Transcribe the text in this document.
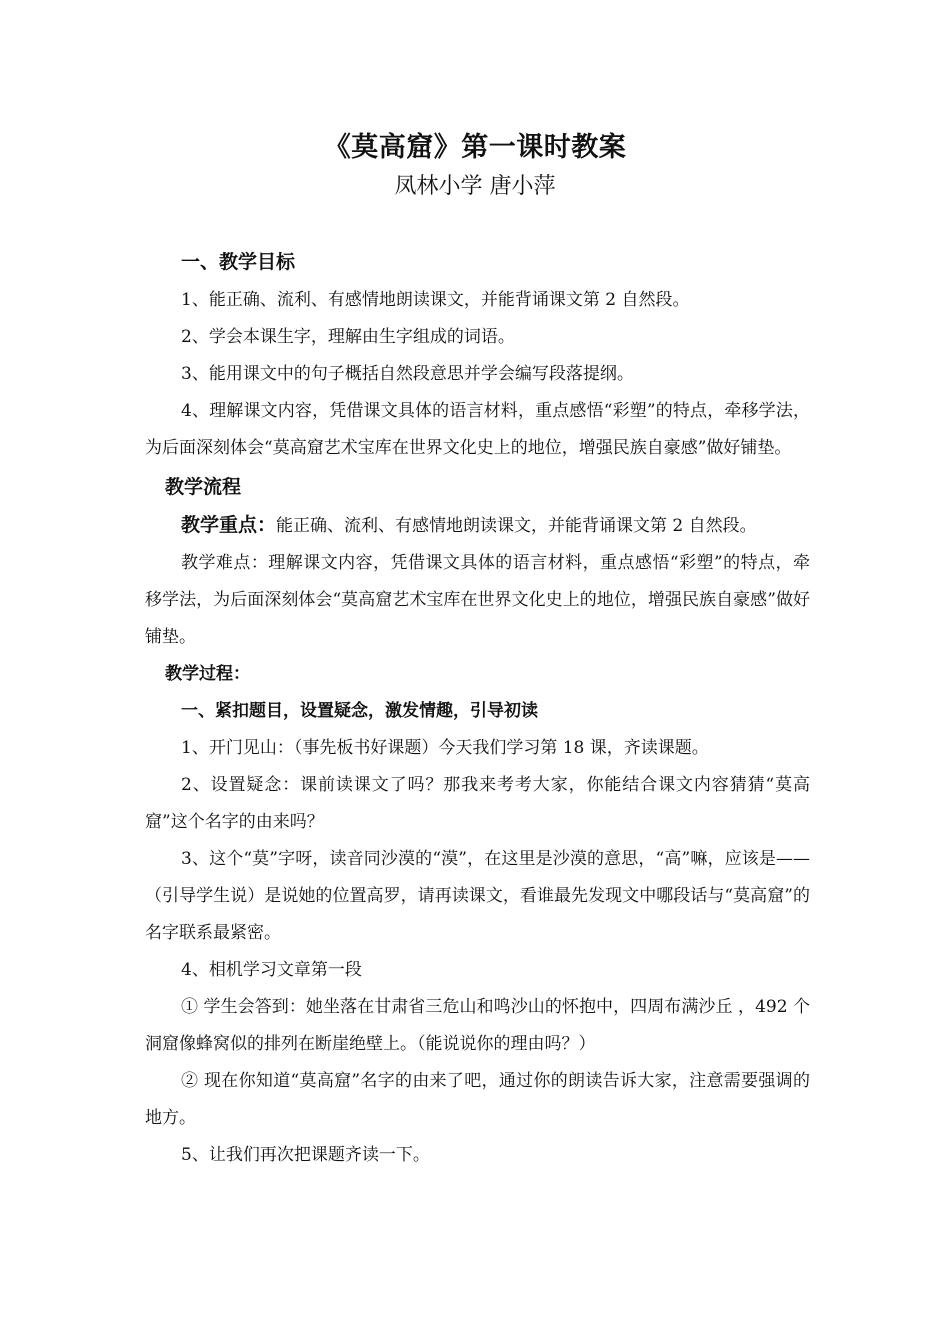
《莫高窟》第一课时教案
凤林小学 唐小萍

一、教学目标

1、能正确、流利、有感情地朗读课文，并能背诵课文第 2 自然段。

2、学会本课生字，理解由生字组成的词语。

3、能用课文中的句子概括自然段意思并学会编写段落提纲。

4、理解课文内容，凭借课文具体的语言材料，重点感悟“彩塑”的特点，牵移学法，为后面深刻体会“莫高窟艺术宝库在世界文化史上的地位，增强民族自豪感”做好铺垫。

教学流程

教学重点：能正确、流利、有感情地朗读课文，并能背诵课文第 2 自然段。

教学难点：理解课文内容，凭借课文具体的语言材料，重点感悟“彩塑”的特点，牵移学法，为后面深刻体会“莫高窟艺术宝库在世界文化史上的地位，增强民族自豪感”做好铺垫。

教学过程：

一、紧扣题目，设置疑念，激发情趣，引导初读

1、开门见山：（事先板书好课题）今天我们学习第 18 课，齐读课题。

2、设置疑念：课前读课文了吗？那我来考考大家，你能结合课文内容猜猜“莫高窟”这个名字的由来吗？

3、这个“莫”字呀，读音同沙漠的“漠”，在这里是沙漠的意思，“高”嘛，应该是——（引导学生说）是说她的位置高罗，请再读课文，看谁最先发现文中哪段话与“莫高窟”的名字联系最紧密。

4、相机学习文章第一段

① 学生会答到：她坐落在甘肃省三危山和鸣沙山的怀抱中，四周布满沙丘 ，492 个洞窟像蜂窝似的排列在断崖绝壁上。（能说说你的理由吗？）

② 现在你知道“莫高窟”名字的由来了吧，通过你的朗读告诉大家，注意需要强调的地方。

5、让我们再次把课题齐读一下。
